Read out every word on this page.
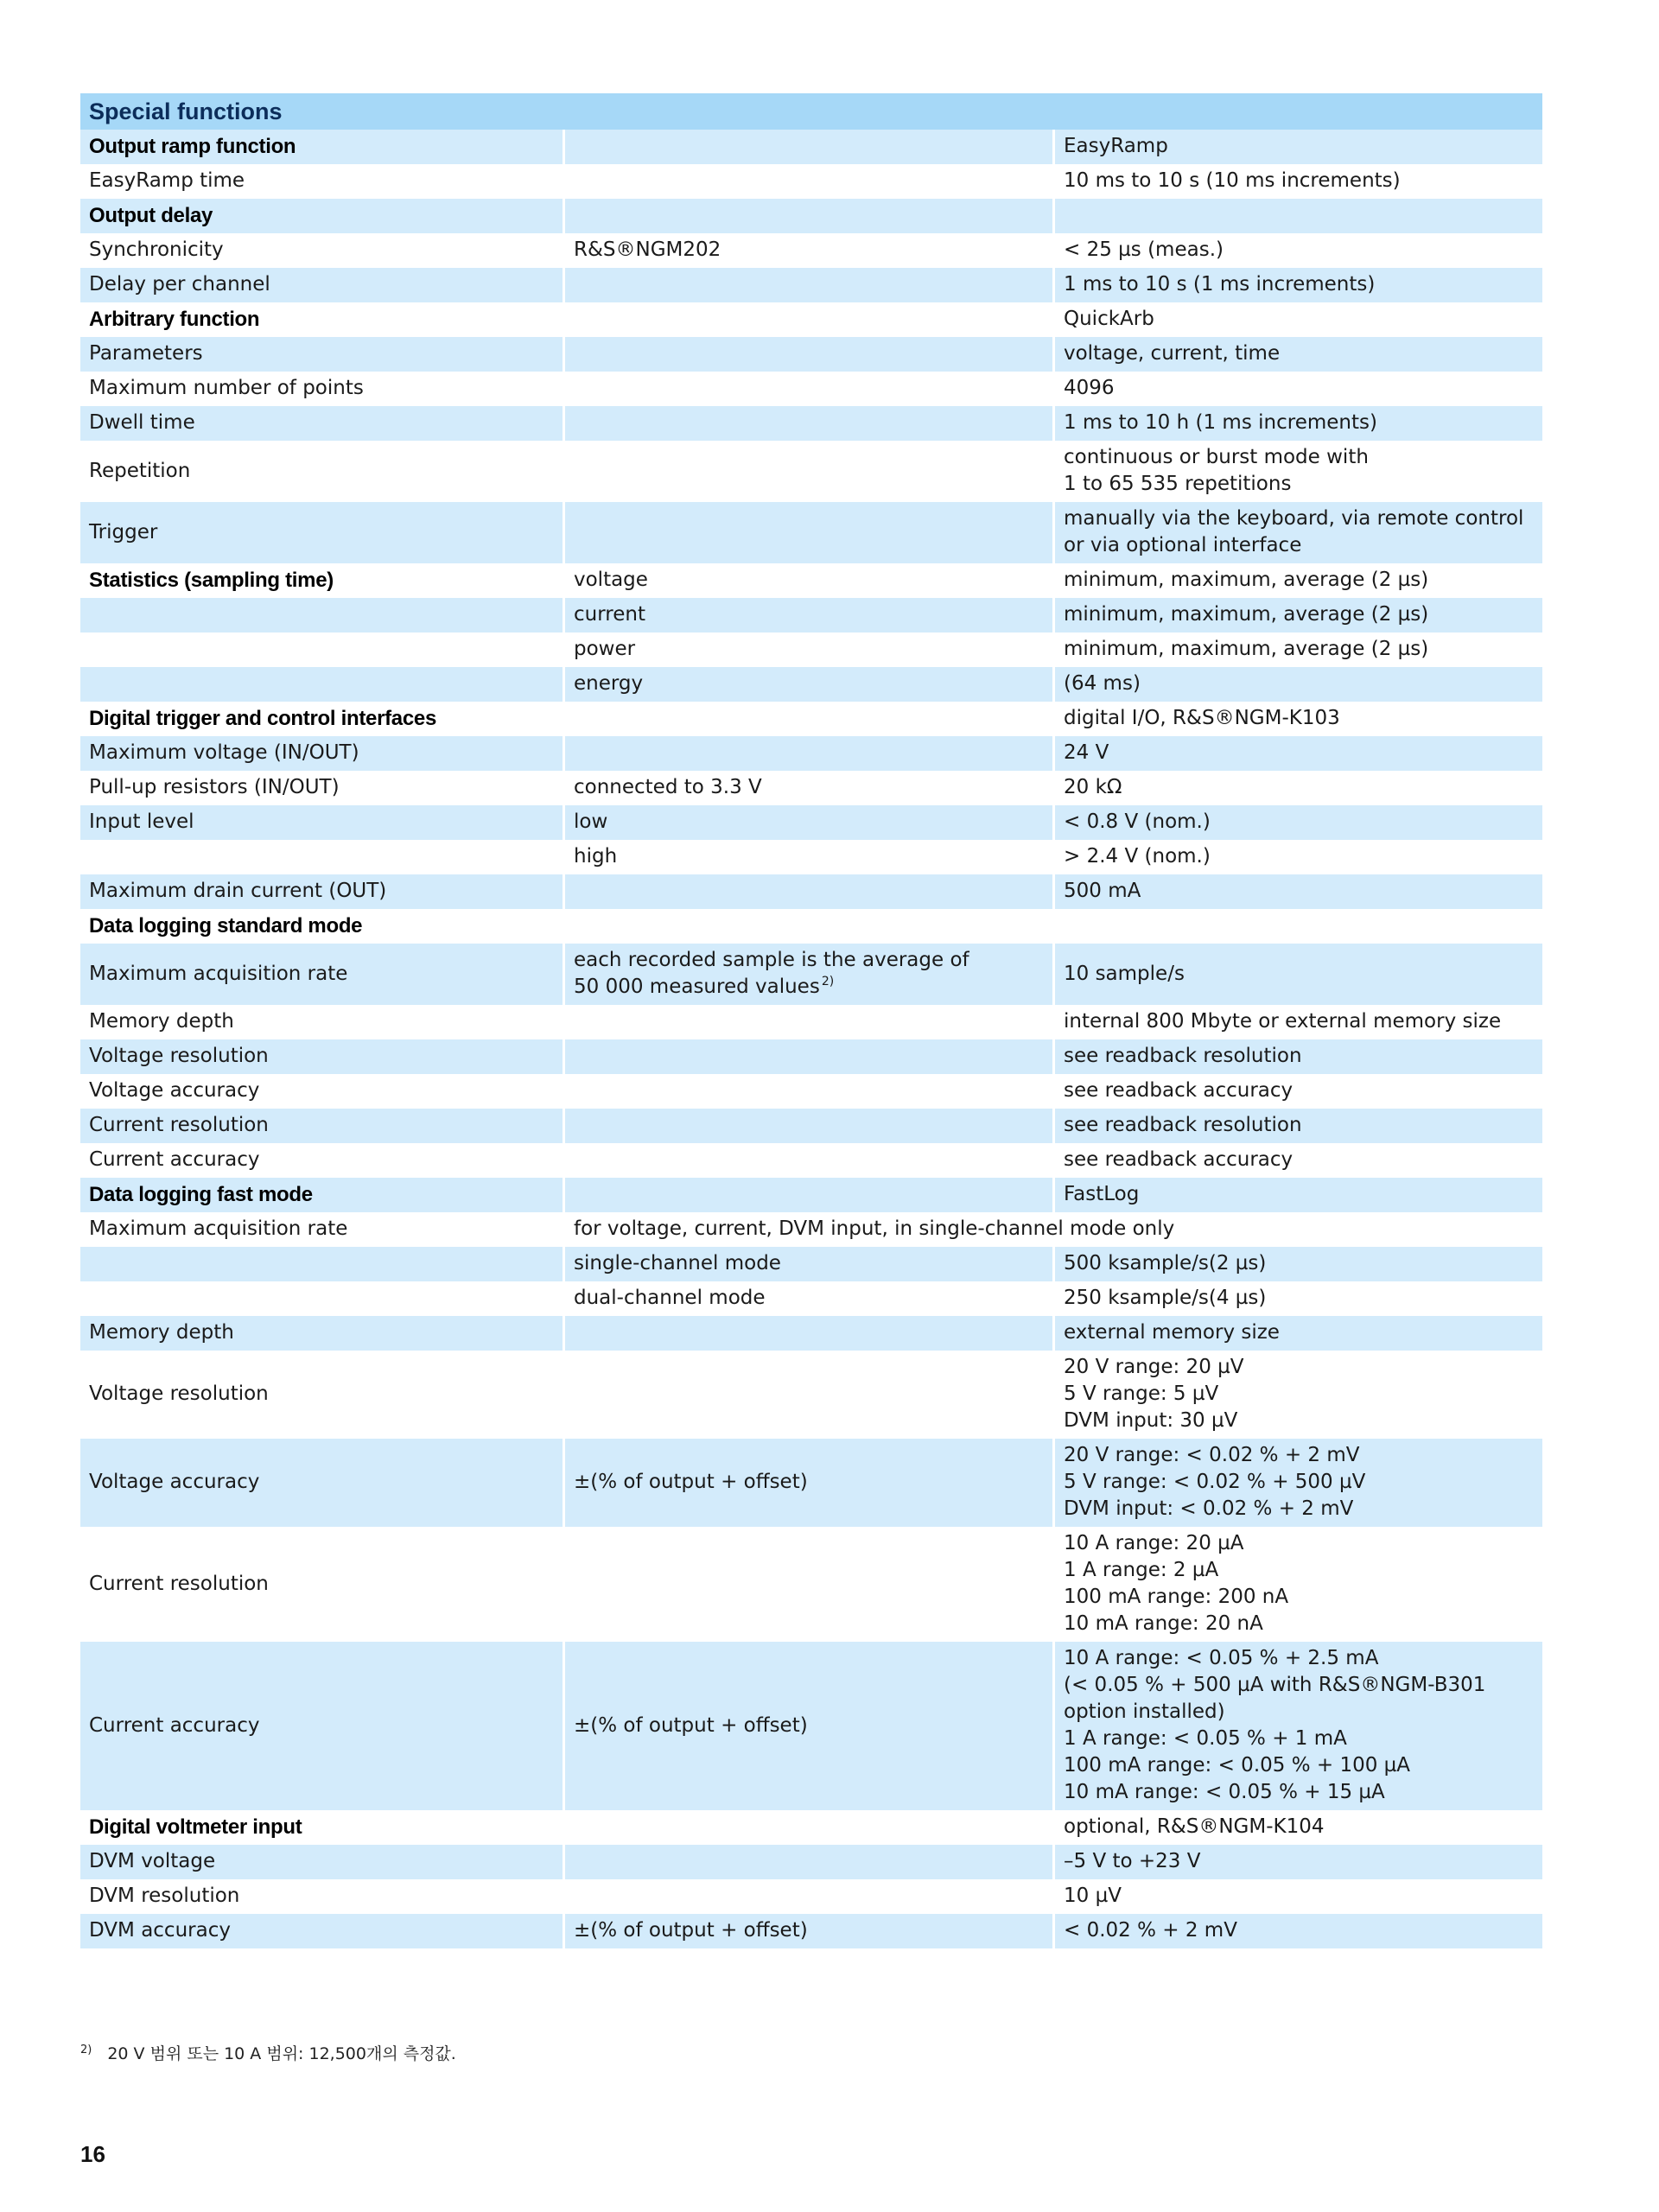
Special functions		
Output ramp function		EasyRamp
EasyRamp time		10 ms to 10 s (10 ms increments)
Output delay		
Synchronicity	R&S®NGM202	< 25 µs (meas.)
Delay per channel		1 ms to 10 s (1 ms increments)
Arbitrary function		QuickArb
Parameters		voltage, current, time
Maximum number of points		4096
Dwell time		1 ms to 10 h (1 ms increments)
Repetition		continuous or burst mode with
1 to 65 535 repetitions
Trigger		manually via the keyboard, via remote control or via optional interface
Statistics (sampling time)	voltage	minimum, maximum, average (2 µs)
	current	minimum, maximum, average (2 µs)
	power	minimum, maximum, average (2 µs)
	energy	(64 ms)
Digital trigger and control interfaces		digital I/O, R&S®NGM-K103
Maximum voltage (IN/OUT)		24 V
Pull-up resistors (IN/OUT)	connected to 3.3 V	20 kΩ
Input level	low	< 0.8 V (nom.)
	high	> 2.4 V (nom.)
Maximum drain current (OUT)		500 mA
Data logging standard mode		
Maximum acquisition rate	each recorded sample is the average of
50 000 measured values $^{2)}$	10 sample/s
Memory depth		internal 800 Mbyte or external memory size
Voltage resolution		see readback resolution
Voltage accuracy		see readback accuracy
Current resolution		see readback resolution
Current accuracy		see readback accuracy
Data logging fast mode		FastLog
Maximum acquisition rate	for voltage, current, DVM input, in single-channel mode only	
	single-channel mode	500 ksample/s(2 µs)
	dual-channel mode	250 ksample/s(4 µs)
Memory depth		external memory size
Voltage resolution		20 V range: 20 µV
5 V range: 5 µV
DVM input: 30 µV
Voltage accuracy	±(% of output + offset)	20 V range: < 0.02 % + 2 mV
5 V range: < 0.02 % + 500 µV
DVM input: < 0.02 % + 2 mV
Current resolution		10 A range: 20 µA
1 A range: 2 µA
100 mA range: 200 nA
10 mA range: 20 nA
Current accuracy	±(% of output + offset)	10 A range: < 0.05 % + 2.5 mA
(< 0.05 % + 500 µA with R&S®NGM-B301 option installed)
1 A range: < 0.05 % + 1 mA
100 mA range: < 0.05 % + 100 µA
10 mA range: < 0.05 % + 15 µA
Digital voltmeter input		optional, R&S®NGM-K104
DVM voltage		–5 V to +23 V
DVM resolution		10 µV
DVM accuracy	±(% of output + offset)	< 0.02 % + 2 mV
$^{2)}$ 20 V 범위 또는 10 A 범위: 12,500개의 측정값.
16
